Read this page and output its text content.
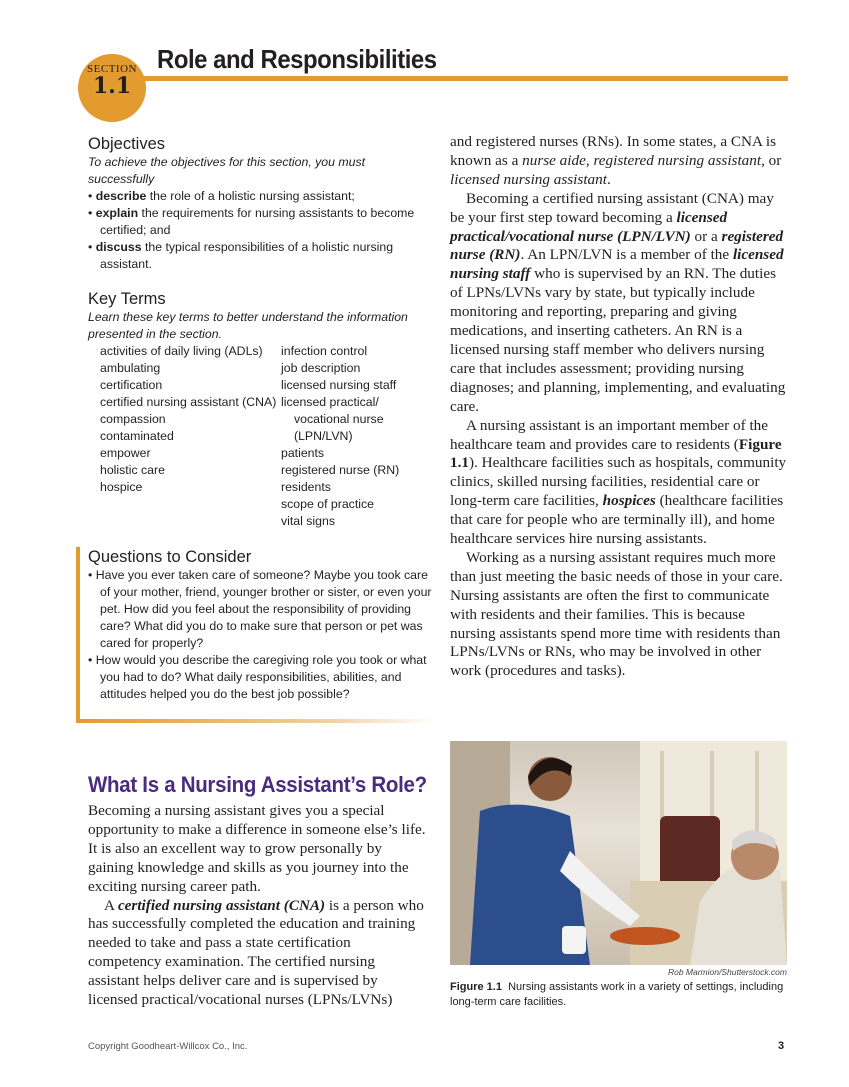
SECTION
1.1
Role and Responsibilities
Objectives
To achieve the objectives for this section, you must successfully
• describe the role of a holistic nursing assistant;
• explain the requirements for nursing assistants to become certified; and
• discuss the typical responsibilities of a holistic nursing assistant.
Key Terms
Learn these key terms to better understand the information presented in the section.
activities of daily living (ADLs)
ambulating
certification
certified nursing assistant (CNA)
compassion
contaminated
empower
holistic care
hospice
infection control
job description
licensed nursing staff
licensed practical/ vocational nurse (LPN/LVN)
patients
registered nurse (RN)
residents
scope of practice
vital signs
Questions to Consider
• Have you ever taken care of someone? Maybe you took care of your mother, friend, younger brother or sister, or even your pet. How did you feel about the responsibility of providing care? What did you do to make sure that person or pet was cared for properly?
• How would you describe the caregiving role you took or what you had to do? What daily responsibilities, abilities, and attitudes helped you do the best job possible?
What Is a Nursing Assistant’s Role?

Becoming a nursing assistant gives you a special opportunity to make a difference in someone else’s life. It is also an excellent way to grow personally by gaining knowledge and skills as you journey into the exciting nursing career path.

A certified nursing assistant (CNA) is a person who has successfully completed the education and training needed to take and pass a state certification competency examination. The certified nursing assistant helps deliver care and is supervised by licensed practical/vocational nurses (LPNs/LVNs)

and registered nurses (RNs). In some states, a CNA is known as a nurse aide, registered nursing assistant, or licensed nursing assistant.

Becoming a certified nursing assistant (CNA) may be your first step toward becoming a licensed practical/vocational nurse (LPN/LVN) or a registered nurse (RN). An LPN/LVN is a member of the licensed nursing staff who is supervised by an RN. The duties of LPNs/LVNs vary by state, but typically include monitoring and reporting, preparing and giving medications, and inserting catheters. An RN is a licensed nursing staff member who delivers nursing care that includes assessment; providing nursing diagnoses; and planning, implementing, and evaluating care.

A nursing assistant is an important member of the healthcare team and provides care to residents (Figure 1.1). Healthcare facilities such as hospitals, community clinics, skilled nursing facilities, residential care or long-term care facilities, hospices (healthcare facilities that care for people who are terminally ill), and home healthcare services hire nursing assistants.

Working as a nursing assistant requires much more than just meeting the basic needs of those in your care. Nursing assistants are often the first to communicate with residents and their families. This is because nursing assistants spend more time with residents than LPNs/LVNs or RNs, who may be involved in other work (procedures and tasks).

Rob Marmion/Shutterstock.com
Figure 1.1 Nursing assistants work in a variety of settings, including long-term care facilities.
Copyright Goodheart-Willcox Co., Inc.	3
